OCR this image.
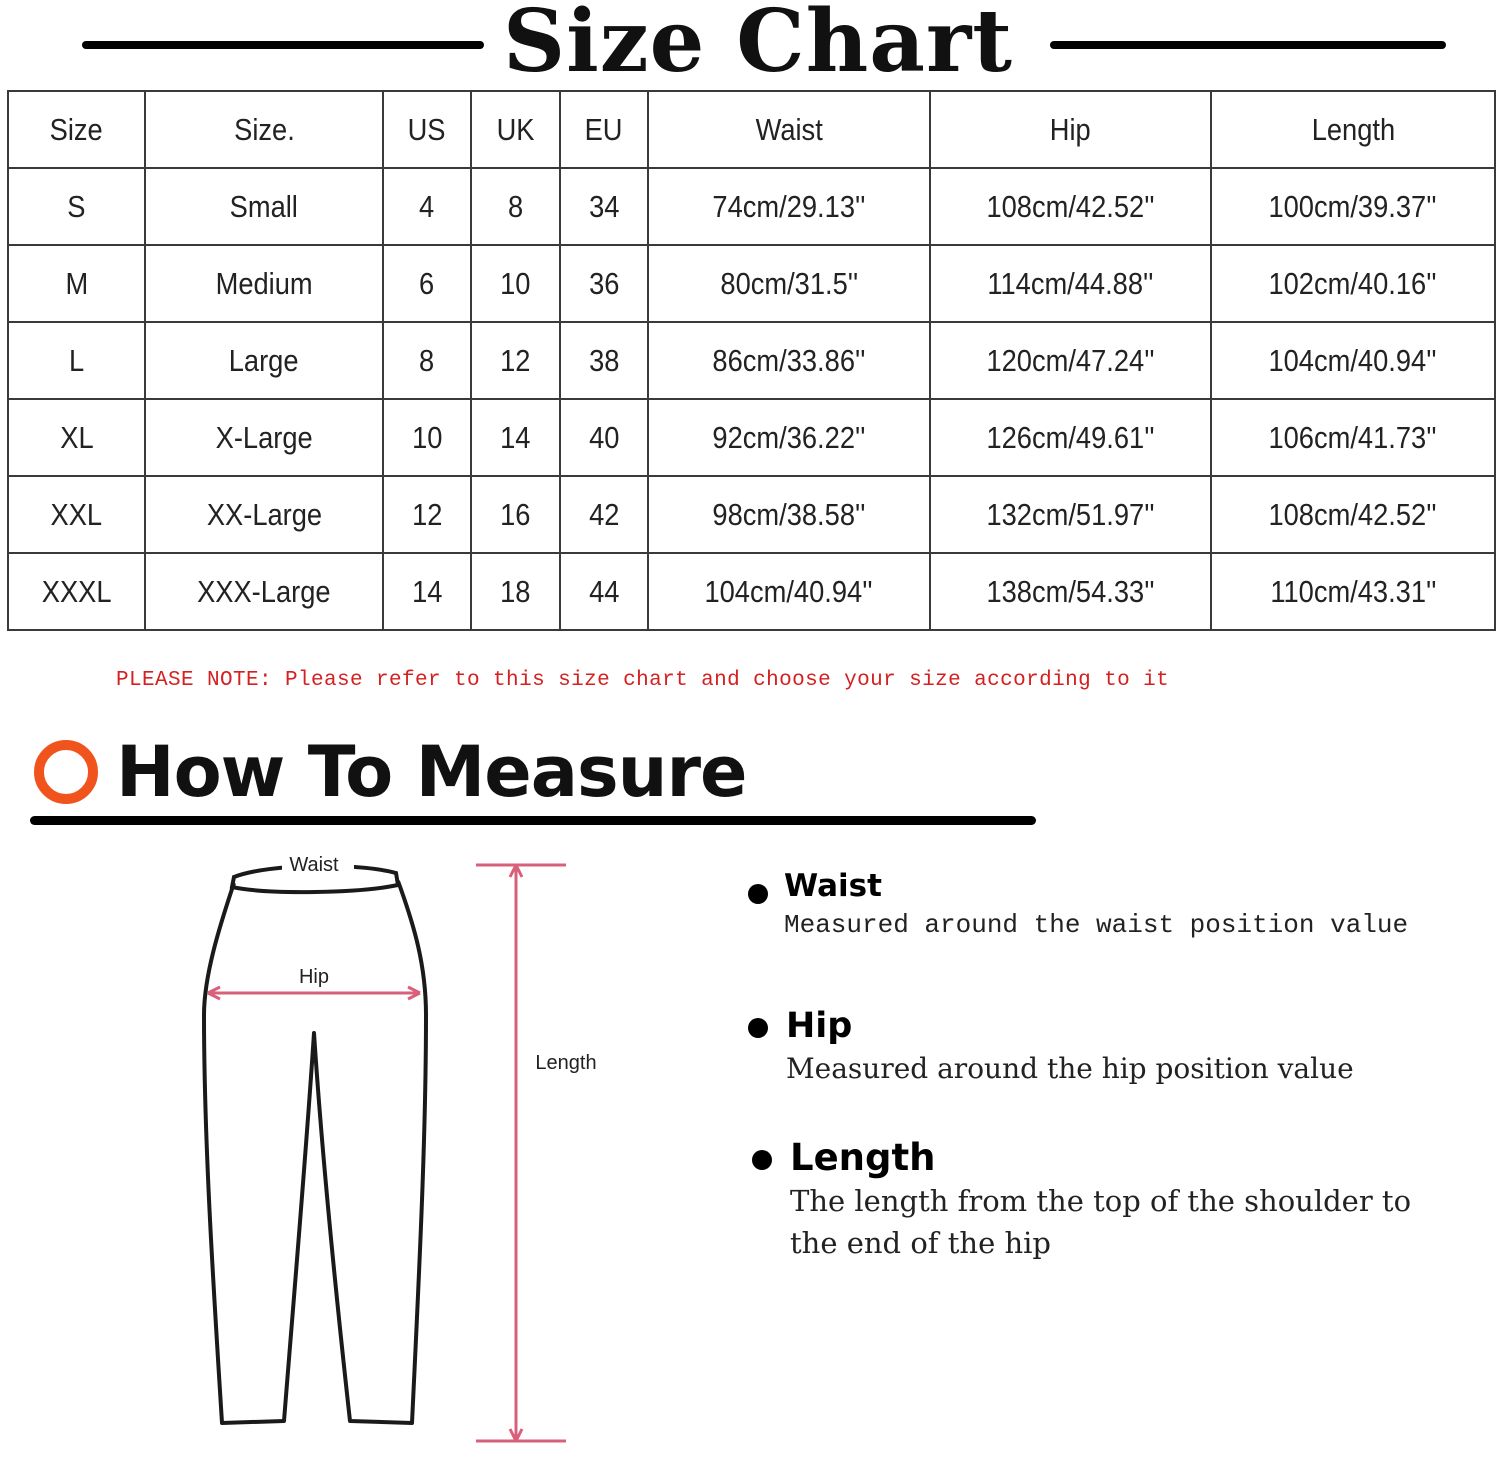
Size Chart
Size	Size.	US	UK	EU	Waist	Hip	Length
S	Small	4	8	34	74cm/29.13''	108cm/42.52''	100cm/39.37''
M	Medium	6	10	36	80cm/31.5''	114cm/44.88''	102cm/40.16''
L	Large	8	12	38	86cm/33.86''	120cm/47.24''	104cm/40.94''
XL	X-Large	10	14	40	92cm/36.22''	126cm/49.61''	106cm/41.73''
XXL	XX-Large	12	16	42	98cm/38.58''	132cm/51.97''	108cm/42.52''
XXXL	XXX-Large	14	18	44	104cm/40.94''	138cm/54.33''	110cm/43.31''
PLEASE NOTE: Please refer to this size chart and choose your size according to it
How To Measure
Waist
Hip
Length
Waist
Measured around the waist position value
Hip
Measured around the hip position value
Length
The length from the top of the shoulder to
the end of the hip
